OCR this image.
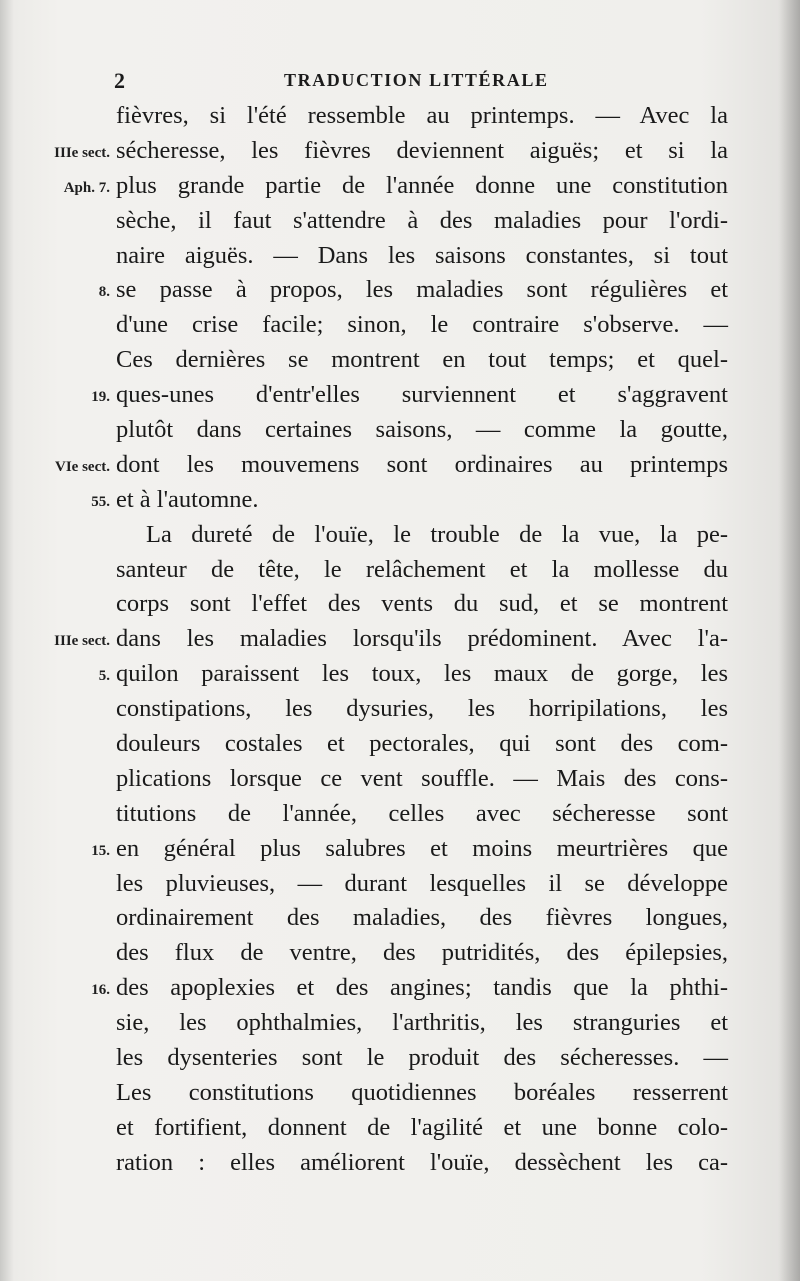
2	TRADUCTION LITTÉRALE
fièvres, si l'été ressemble au printemps. — Avec la
IIIe sect. sécheresse, les fièvres deviennent aiguës; et si la
Aph. 7. plus grande partie de l'année donne une constitution
sèche, il faut s'attendre à des maladies pour l'ordi-
naire aiguës. — Dans les saisons constantes, si tout
8. se passe à propos, les maladies sont régulières et
d'une crise facile; sinon, le contraire s'observe. —
Ces dernières se montrent en tout temps; et quel-
19. ques-unes d'entr'elles surviennent et s'aggravent
plutôt dans certaines saisons, — comme la goutte,
VIe sect. dont les mouvemens sont ordinaires au printemps
55. et à l'automne.
La dureté de l'ouïe, le trouble de la vue, la pe-
santeur de tête, le relâchement et la mollesse du
corps sont l'effet des vents du sud, et se montrent
IIIe sect. dans les maladies lorsqu'ils prédominent. Avec l'a-
5. quilon paraissent les toux, les maux de gorge, les
constipations, les dysuries, les horripilations, les
douleurs costales et pectorales, qui sont des com-
plications lorsque ce vent souffle. — Mais des cons-
titutions de l'année, celles avec sécheresse sont
15. en général plus salubres et moins meurtrières que
les pluvieuses, — durant lesquelles il se développe
ordinairement des maladies, des fièvres longues,
des flux de ventre, des putridités, des épilepsies,
16. des apoplexies et des angines; tandis que la phthi-
sie, les ophthalmies, l'arthritis, les stranguries et
les dysenteries sont le produit des sécheresses. —
Les constitutions quotidiennes boréales resserrent
et fortifient, donnent de l'agilité et une bonne colo-
ration : elles améliorent l'ouïe, dessèchent les ca-
